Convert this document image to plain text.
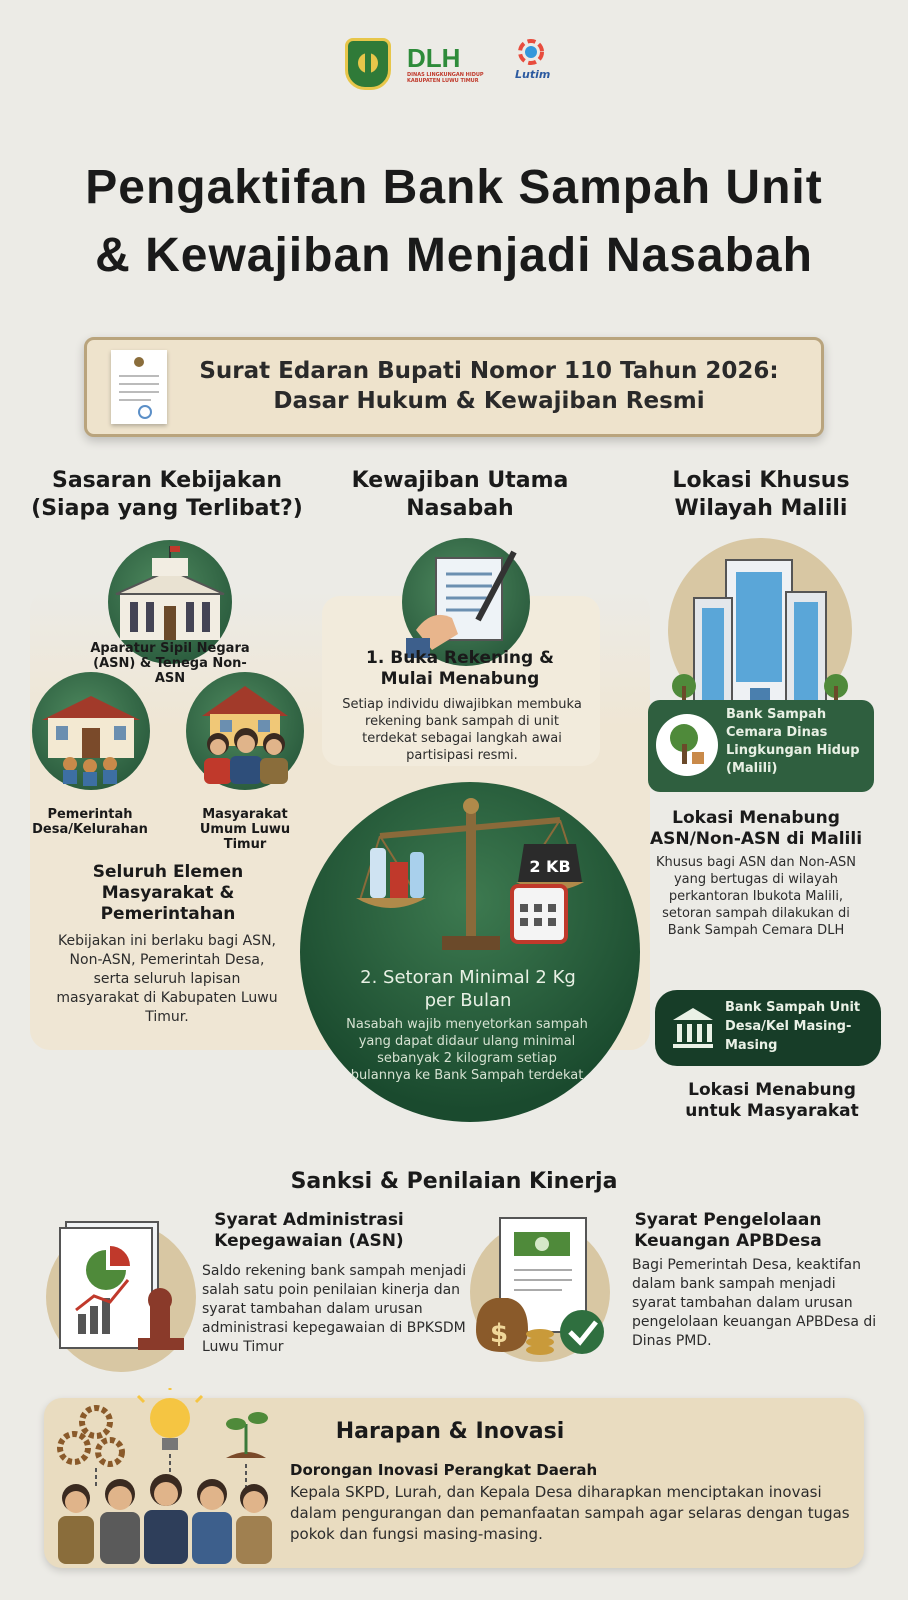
DLH
DINAS LINGKUNGAN HIDUP
KABUPATEN LUWU TIMUR	Lutim
Pengaktifan Bank Sampah Unit
& Kewajiban Menjadi Nasabah
Surat Edaran Bupati Nomor 110 Tahun 2026:
Dasar Hukum & Kewajiban Resmi
Sasaran Kebijakan (Siapa yang Terlibat?)
Aparatur Sipil Negara (ASN) & Tenega Non-ASN
Pemerintah Desa/Kelurahan
Masyarakat Umum Luwu Timur
Seluruh Elemen Masyarakat & Pemerintahan
Kebijakan ini berlaku bagi ASN, Non-ASN, Pemerintah Desa, serta seluruh lapisan masyarakat di Kabupaten Luwu Timur.
Kewajiban Utama Nasabah
1. Buka Rekening & Mulai Menabung
Setiap individu diwajibkan membuka rekening bank sampah di unit terdekat sebagai langkah awai partisipasi resmi.
2 KB
2. Setoran Minimal 2 Kg per Bulan
Nasabah wajib menyetorkan sampah yang dapat didaur ulang minimal sebanyak 2 kilogram setiap bulannya ke Bank Sampah terdekat
Lokasi Khusus Wilayah Malili
Bank Sampah Cemara Dinas Lingkungan Hidup (Malili)
Lokasi Menabung ASN/Non-ASN di Malili
Khusus bagi ASN dan Non-ASN yang bertugas di wilayah perkantoran Ibukota Malili, setoran sampah dilakukan di Bank Sampah Cemara DLH
Bank Sampah Unit Desa/Kel Masing-Masing
Lokasi Menabung untuk Masyarakat
Sanksi & Penilaian Kinerja
Syarat Administrasi Kepegawaian (ASN)
Saldo rekening bank sampah menjadi salah satu poin penilaian kinerja dan syarat tambahan dalam urusan administrasi kepegawaian di BPKSDM Luwu Timur	$
Syarat Pengelolaan Keuangan APBDesa
Bagi Pemerintah Desa, keaktifan dalam bank sampah menjadi syarat tambahan dalam urusan pengelolaan keuangan APBDesa di Dinas PMD.
Harapan & Inovasi
Dorongan Inovasi Perangkat Daerah
Kepala SKPD, Lurah, dan Kepala Desa diharapkan menciptakan inovasi dalam pengurangan dan pemanfaatan sampah agar selaras dengan tugas pokok dan fungsi masing-masing.
